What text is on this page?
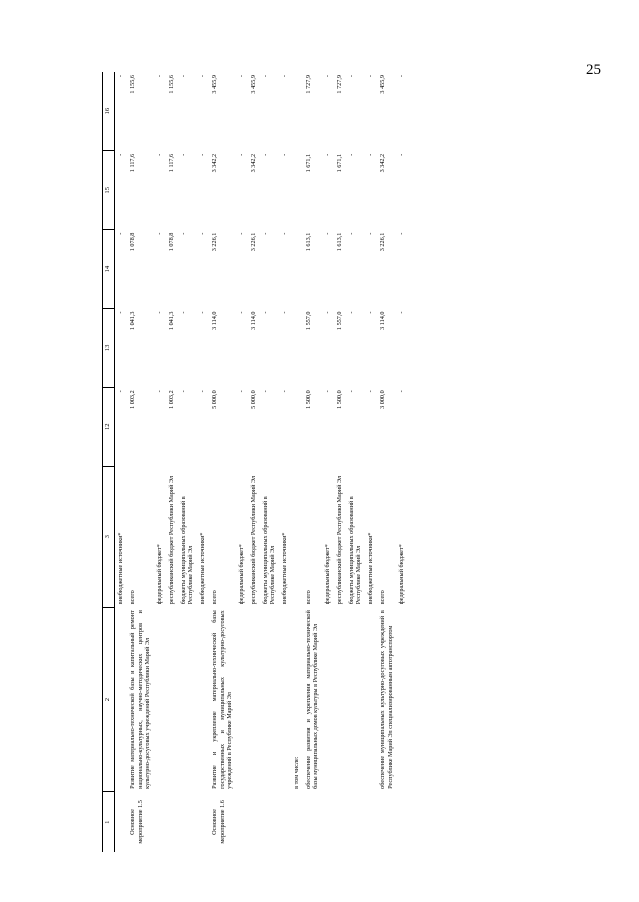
25
1	2	3	12	13	14	15	16
		внебюджетные источники*	-	-	-	-	-
Основное мероприятие 1.5	Развитие материально-технической базы и капитальный ремонт национально-культурных, научно-методических центров и культурно-досуговых учреждений Республики Марий Эл	всего	1 003,2	1 041,3	1 078,8	1 117,6	1 155,6
		федеральный бюджет*	-	-	-	-	-
		республиканский бюджет Республики Марий Эл	1 003,2	1 041,3	1 078,8	1 117,6	1 155,6
		бюджеты муниципальных образований в Республике Марий Эл	-	-	-	-	-
		внебюджетные источники*	-	-	-	-	-
Основное мероприятие 1.6	Развитие и укрепление материально-технической базы государственных и муниципальных культурно-досуговых учреждений в Республике Марий Эл	всего	5 000,0	3 114,0	3 226,1	3 342,2	3 455,9
		федеральный бюджет*	-	-	-	-	-
		республиканский бюджет Республики Марий Эл	5 000,0	3 114,0	3 226,1	3 342,2	3 455,9
		бюджеты муниципальных образований в Республике Марий Эл	-	-	-	-	-
		внебюджетные источники*	-	-	-	-	-
	в том числе:						
	обеспечение развития и укрепления материально-технической базы муниципальных домов культуры в Республике Марий Эл	всего	1 500,0	1 557,0	1 613,1	1 671,1	1 727,9
		федеральный бюджет*	-	-	-	-	-
		республиканский бюджет Республики Марий Эл	1 500,0	1 557,0	1 613,1	1 671,1	1 727,9
		бюджеты муниципальных образований в Республике Марий Эл	-	-	-	-	-
		внебюджетные источники*	-	-	-	-	-
	обеспечение муниципальных культурно-досуговых учреждений в Республике Марий Эл специализированным автотранспортом	всего	3 000,0	3 114,0	3 226,1	3 342,2	3 455,9
		федеральный бюджет*	-	-	-	-	-
